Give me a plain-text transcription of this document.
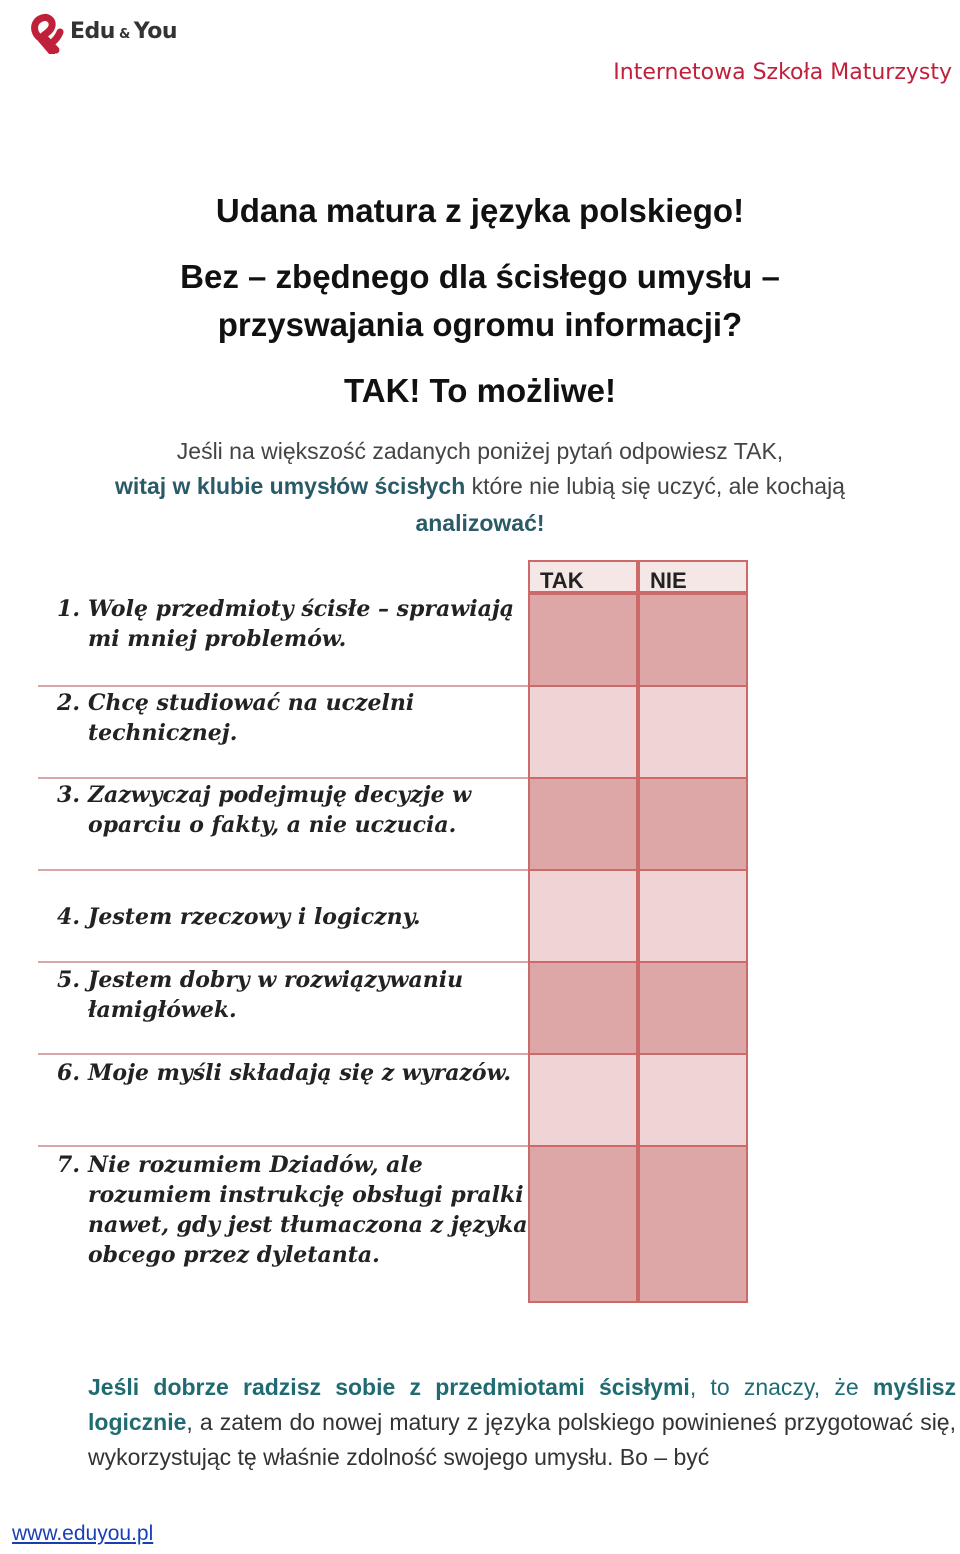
Edu & You
Internetowa Szkoła Maturzysty
Udana matura z języka polskiego!
Bez – zbędnego dla ścisłego umysłu –
przyswajania ogromu informacji?
TAK! To możliwe!
Jeśli na większość zadanych poniżej pytań odpowiesz TAK,
witaj w klubie umysłów ścisłych które nie lubią się uczyć, ale kochają
analizować!
TAK	NIE
1. Wolę przedmioty ścisłe – sprawiają mi mniej problemów.
2. Chcę studiować na uczelni technicznej.
3. Zazwyczaj podejmuję decyzje w oparciu o fakty, a nie uczucia.
4. Jestem rzeczowy i logiczny.
5. Jestem dobry w rozwiązywaniu łamigłówek.
6. Moje myśli składają się z wyrazów.
7. Nie rozumiem Dziadów, ale rozumiem instrukcję obsługi pralki nawet, gdy jest tłumaczona z języka obcego przez dyletanta.
Jeśli dobrze radzisz sobie z przedmiotami ścisłymi, to znaczy, że myślisz logicznie, a zatem do nowej matury z języka polskiego powinieneś przygotować się, wykorzystując tę właśnie zdolność swojego umysłu. Bo – być
www.eduyou.pl
